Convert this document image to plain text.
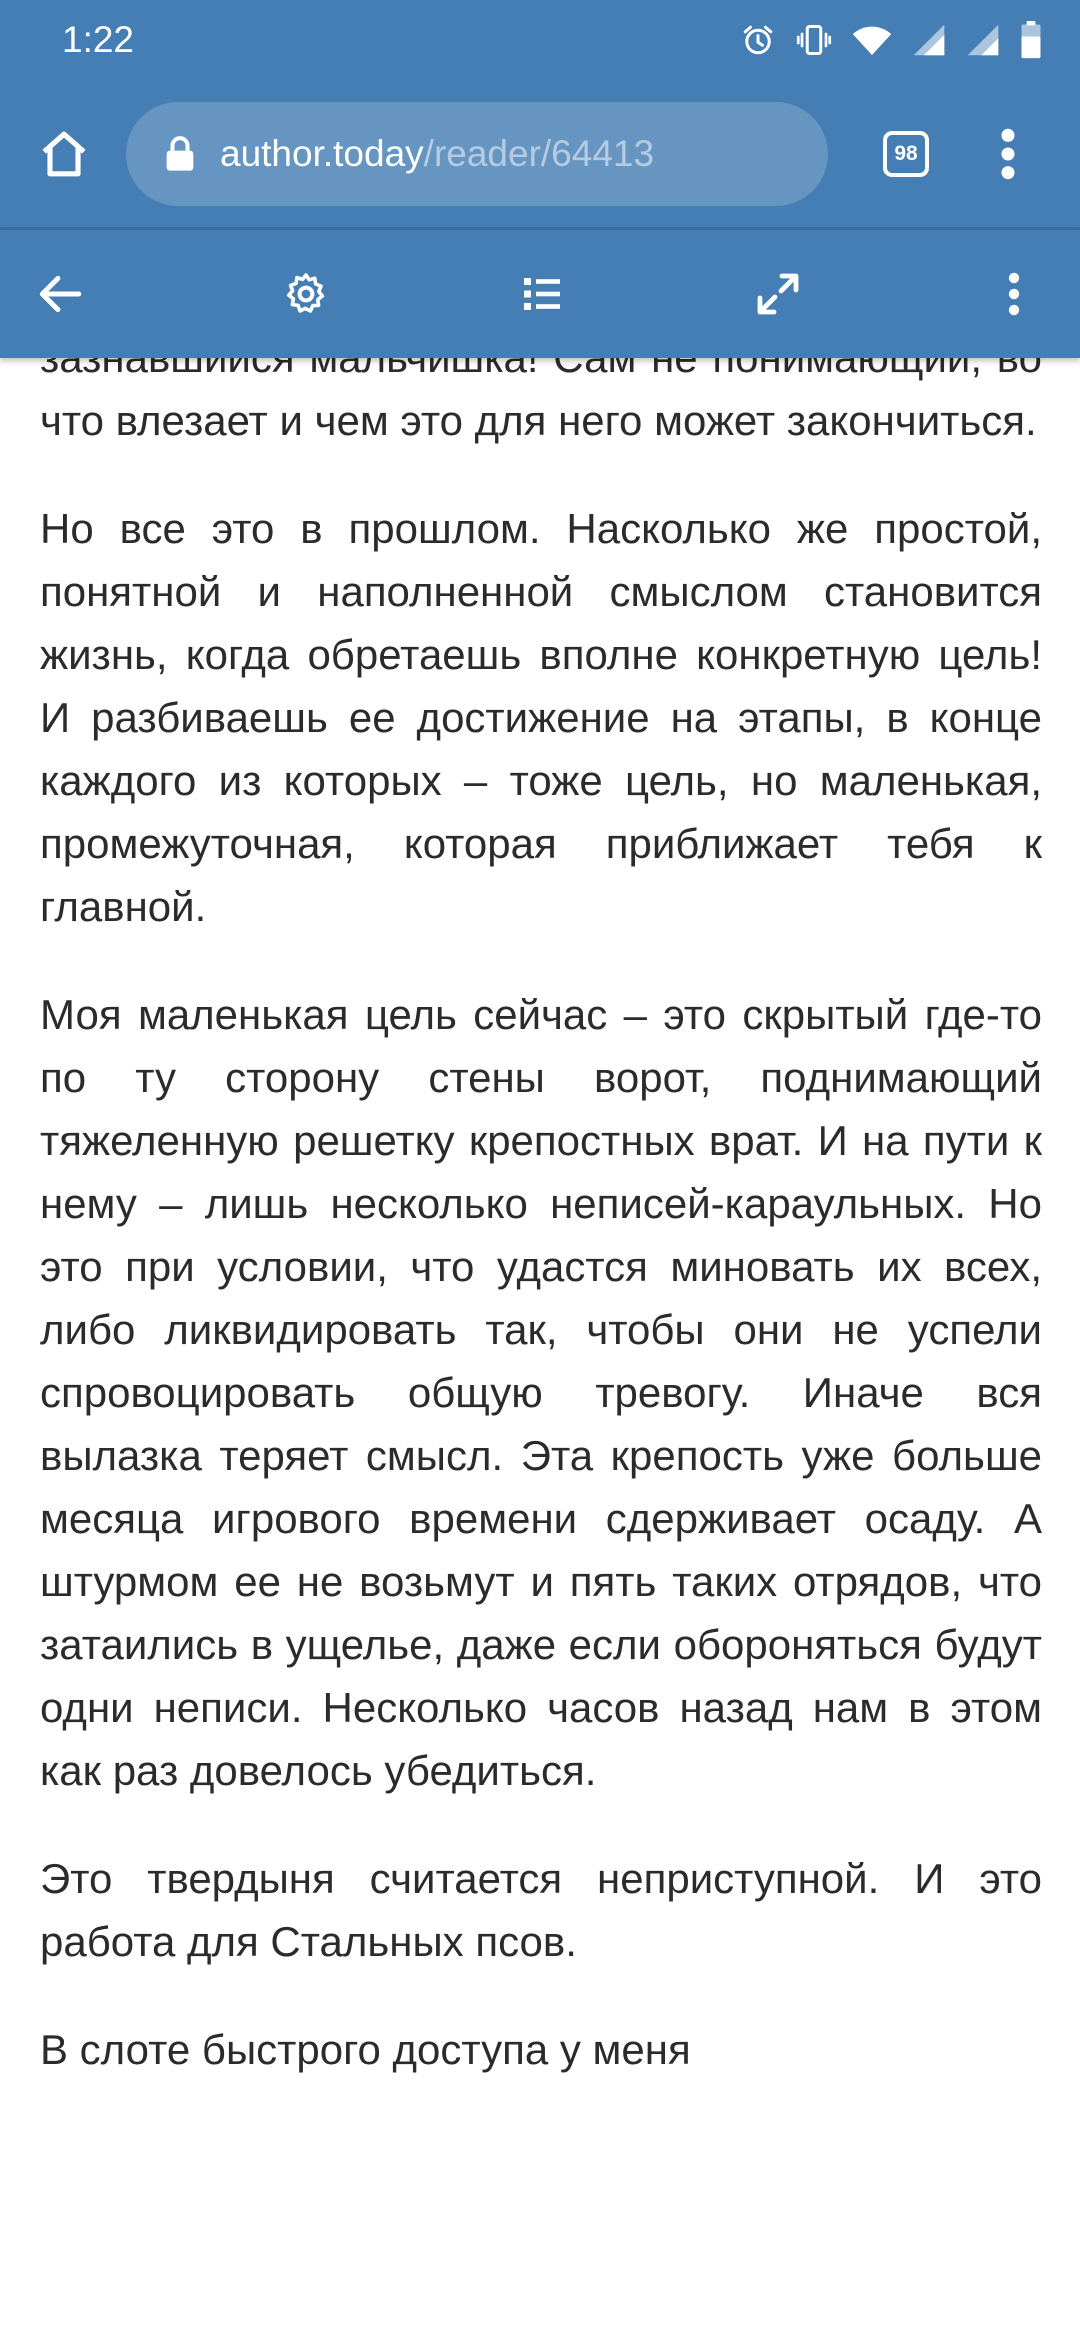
1:22
author.today/reader/64413	98

что влезает и чем это для него может закончиться.

Но все это в прошлом. Насколько же простой, понятной и наполненной смыслом становится жизнь, когда обретаешь вполне конкретную цель! И разбиваешь ее достижение на этапы, в конце каждого из которых – тоже цель, но маленькая, промежуточная, которая приближает тебя к главной.

Моя маленькая цель сейчас – это скрытый где-то по ту сторону стены ворот, поднимающий тяжеленную решетку крепостных врат. И на пути к нему – лишь несколько неписей-караульных. Но это при условии, что удастся миновать их всех, либо ликвидировать так, чтобы они не успели спровоцировать общую тревогу. Иначе вся вылазка теряет смысл. Эта крепость уже больше месяца игрового времени сдерживает осаду. А штурмом ее не возьмут и пять таких отрядов, что затаились в ущелье, даже если обороняться будут одни неписи. Несколько часов назад нам в этом как раз довелось убедиться.

Это твердыня считается неприступной. И это работа для Стальных псов.

В слоте быстрого доступа у меня
